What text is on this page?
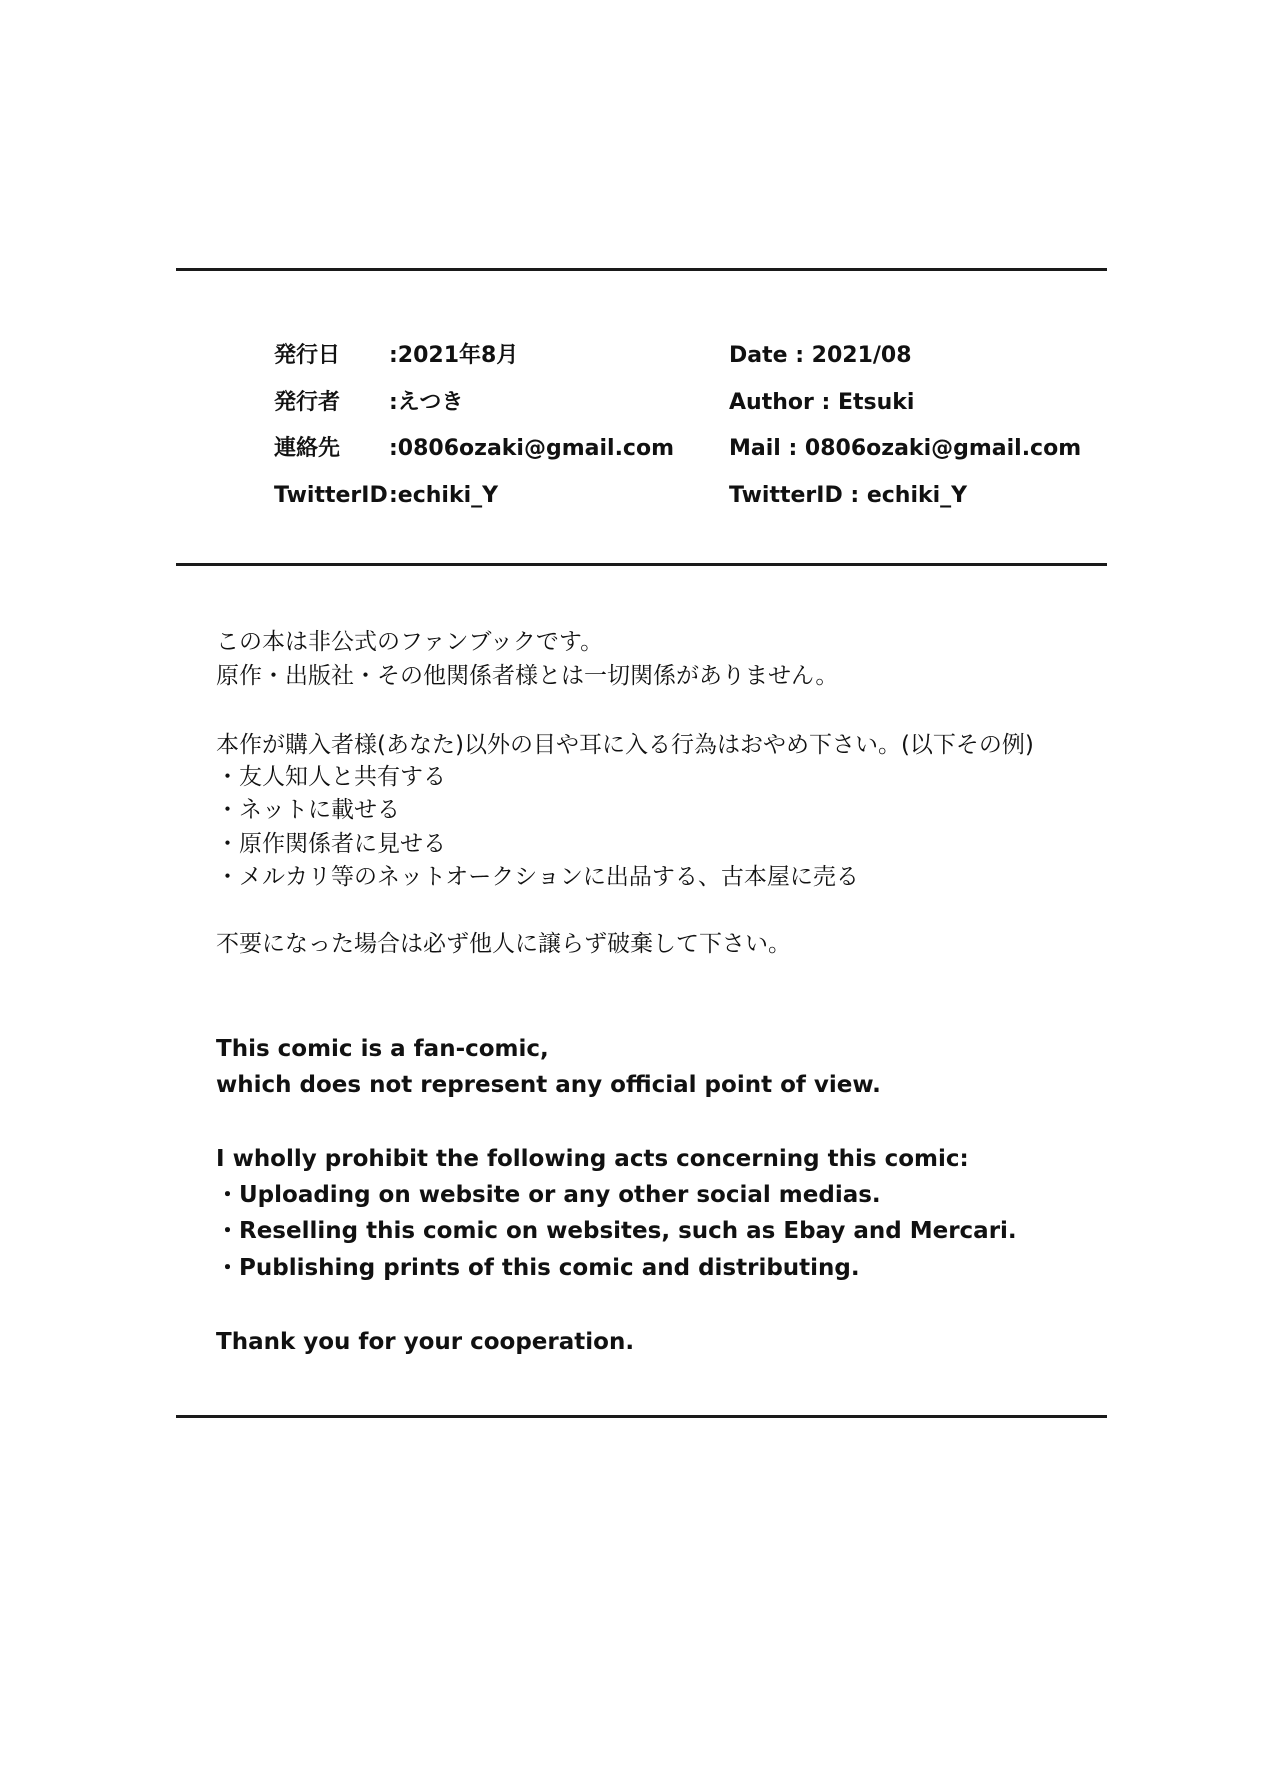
発行日 :2021年8月
発行者 :えつき
連絡先 :0806ozaki@gmail.com
TwitterID :echiki_Y
Date : 2021/08
Author : Etsuki
Mail : 0806ozaki@gmail.com
TwitterID : echiki_Y
この本は非公式のファンブックです。
原作・出版社・その他関係者様とは一切関係がありません。
本作が購入者様(あなた)以外の目や耳に入る行為はおやめ下さい。(以下その例)
・友人知人と共有する
・ネットに載せる
・原作関係者に見せる
・メルカリ等のネットオークションに出品する、古本屋に売る
不要になった場合は必ず他人に譲らず破棄して下さい。
This comic is a fan-comic,
which does not represent any official point of view.
I wholly prohibit the following acts concerning this comic:
・Uploading on website or any other social medias.
・Reselling this comic on websites, such as Ebay and Mercari.
・Publishing prints of this comic and distributing.
Thank you for your cooperation.
